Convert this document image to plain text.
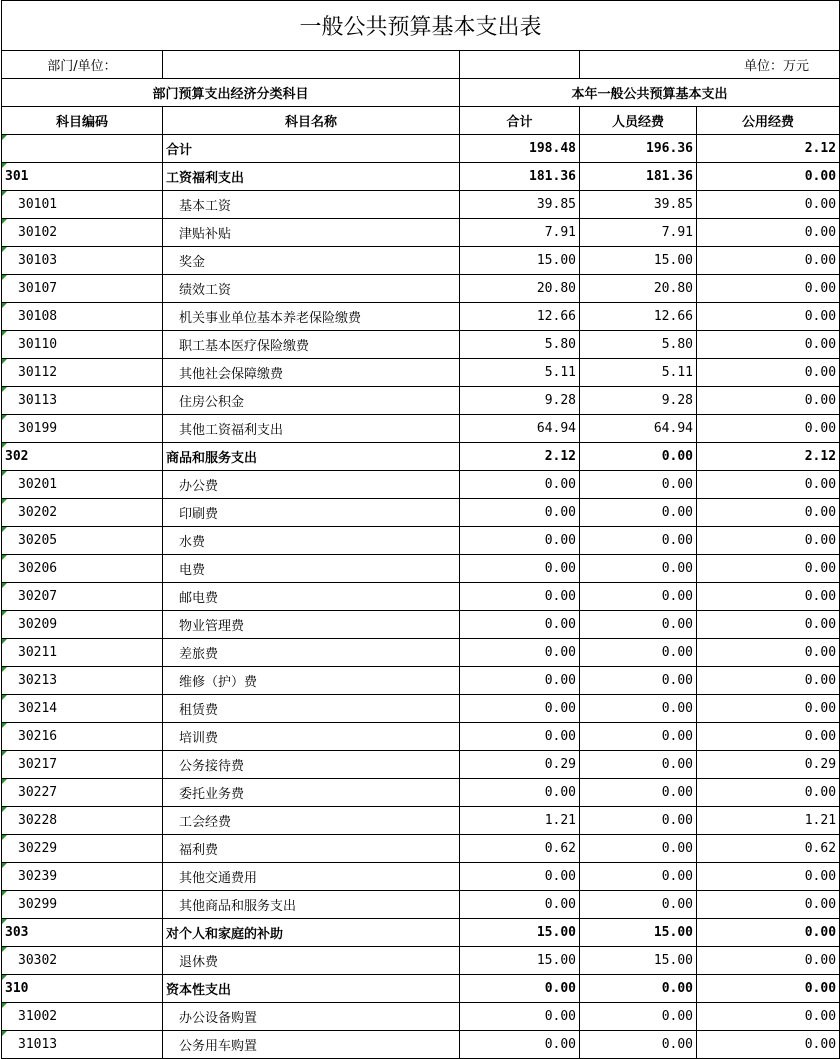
一般公共预算基本支出表				
部门/单位：			单位：万元	
部门预算支出经济分类科目		本年一般公共预算基本支出		
科目编码	科目名称	合计	人员经费	公用经费
	合计	198.48	196.36	2.12
301	工资福利支出	181.36	181.36	0.00
30101	基本工资	39.85	39.85	0.00
30102	津贴补贴	7.91	7.91	0.00
30103	奖金	15.00	15.00	0.00
30107	绩效工资	20.80	20.80	0.00
30108	机关事业单位基本养老保险缴费	12.66	12.66	0.00
30110	职工基本医疗保险缴费	5.80	5.80	0.00
30112	其他社会保障缴费	5.11	5.11	0.00
30113	住房公积金	9.28	9.28	0.00
30199	其他工资福利支出	64.94	64.94	0.00
302	商品和服务支出	2.12	0.00	2.12
30201	办公费	0.00	0.00	0.00
30202	印刷费	0.00	0.00	0.00
30205	水费	0.00	0.00	0.00
30206	电费	0.00	0.00	0.00
30207	邮电费	0.00	0.00	0.00
30209	物业管理费	0.00	0.00	0.00
30211	差旅费	0.00	0.00	0.00
30213	维修（护）费	0.00	0.00	0.00
30214	租赁费	0.00	0.00	0.00
30216	培训费	0.00	0.00	0.00
30217	公务接待费	0.29	0.00	0.29
30227	委托业务费	0.00	0.00	0.00
30228	工会经费	1.21	0.00	1.21
30229	福利费	0.62	0.00	0.62
30239	其他交通费用	0.00	0.00	0.00
30299	其他商品和服务支出	0.00	0.00	0.00
303	对个人和家庭的补助	15.00	15.00	0.00
30302	退休费	15.00	15.00	0.00
310	资本性支出	0.00	0.00	0.00
31002	办公设备购置	0.00	0.00	0.00
31013	公务用车购置	0.00	0.00	0.00
